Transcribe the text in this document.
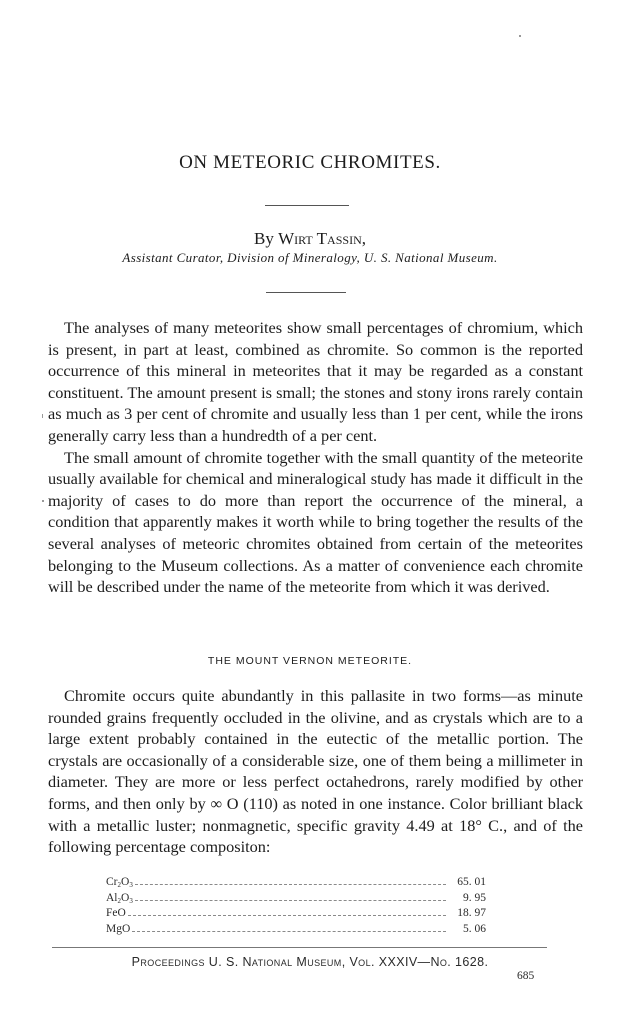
ON METEORIC CHROMITES.
By Wirt Tassin,
Assistant Curator, Division of Mineralogy, U. S. National Museum.

The analyses of many meteorites show small percentages of chromium, which is present, in part at least, combined as chromite. So common is the reported occurrence of this mineral in meteorites that it may be regarded as a constant constituent. The amount present is small; the stones and stony irons rarely contain as much as 3 per cent of chromite and usually less than 1 per cent, while the irons generally carry less than a hundredth of a per cent.

The small amount of chromite together with the small quantity of the meteorite usually available for chemical and mineralogical study has made it difficult in the majority of cases to do more than report the occurrence of the mineral, a condition that apparently makes it worth while to bring together the results of the several analyses of meteoric chromites obtained from certain of the meteorites belonging to the Museum collections. As a matter of convenience each chromite will be described under the name of the meteorite from which it was derived.

THE MOUNT VERNON METEORITE.

Chromite occurs quite abundantly in this pallasite in two forms—as minute rounded grains frequently occluded in the olivine, and as crystals which are to a large extent probably contained in the eutectic of the metallic portion. The crystals are occasionally of a considerable size, one of them being a millimeter in diameter. They are more or less perfect octahedrons, rarely modified by other forms, and then only by ∞ O (110) as noted in one instance. Color brilliant black with a metallic luster; nonmagnetic, specific gravity 4.49 at 18° C., and of the following percentage compositon:

$Cr_2O_3$	65. 01
$Al_2O_3$	9. 95
FeO	18. 97
MgO	5. 06
Proceedings U. S. National Museum, Vol. XXXIV—No. 1628.
685
